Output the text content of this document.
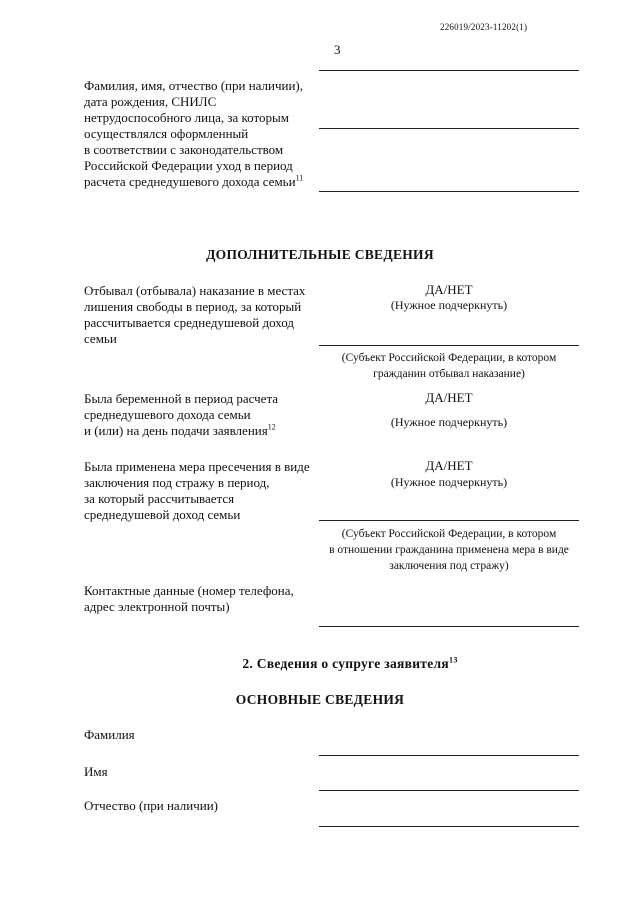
226019/2023-11202(1)
3
Фамилия, имя, отчество (при наличии),
дата рождения, СНИЛС
нетрудоспособного лица, за которым
осуществлялся оформленный
в соответствии с законодательством
Российской Федерации уход в период
расчета среднедушевого дохода семьи$^{11}$
ДОПОЛНИТЕЛЬНЫЕ СВЕДЕНИЯ
Отбывал (отбывала) наказание в местах
лишения свободы в период, за который
рассчитывается среднедушевой доход
семьи
ДА/НЕТ
(Нужное подчеркнуть)
(Субъект Российской Федерации, в котором
гражданин отбывал наказание)
Была беременной в период расчета
среднедушевого дохода семьи
и (или) на день подачи заявления$^{12}$
ДА/НЕТ
(Нужное подчеркнуть)
Была применена мера пресечения в виде
заключения под стражу в период,
за который рассчитывается
среднедушевой доход семьи
ДА/НЕТ
(Нужное подчеркнуть)
(Субъект Российской Федерации, в котором
в отношении гражданина применена мера в виде
заключения под стражу)
Контактные данные (номер телефона,
адрес электронной почты)
2. Сведения о супруге заявителя$^{13}$
ОСНОВНЫЕ СВЕДЕНИЯ
Фамилия
Имя
Отчество (при наличии)
